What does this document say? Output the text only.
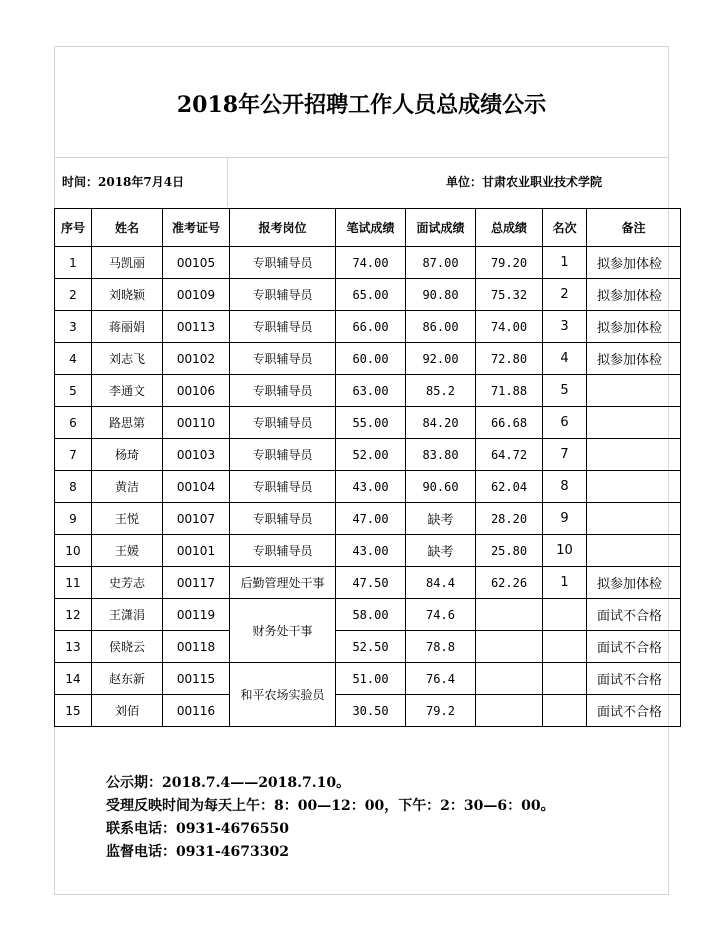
2018年公开招聘工作人员总成绩公示
时间：2018年7月4日	单位：甘肃农业职业技术学院
序号	姓名	准考证号	报考岗位	笔试成绩	面试成绩	总成绩	名次	备注
1	马凯丽	00105	专职辅导员	74.00	87.00	79.20	1	拟参加体检
2	刘晓颖	00109	专职辅导员	65.00	90.80	75.32	2	拟参加体检
3	蒋丽娟	00113	专职辅导员	66.00	86.00	74.00	3	拟参加体检
4	刘志飞	00102	专职辅导员	60.00	92.00	72.80	4	拟参加体检
5	李通文	00106	专职辅导员	63.00	85.2	71.88	5	
6	路思第	00110	专职辅导员	55.00	84.20	66.68	6	
7	杨琦	00103	专职辅导员	52.00	83.80	64.72	7	
8	黄洁	00104	专职辅导员	43.00	90.60	62.04	8	
9	王悦	00107	专职辅导员	47.00	缺考	28.20	9	
10	王媛	00101	专职辅导员	43.00	缺考	25.80	10	
11	史芳志	00117	后勤管理处干事	47.50	84.4	62.26	1	拟参加体检
12	王潇涓	00119	财务处干事	58.00	74.6			面试不合格
13	侯晓云	00118		52.50	78.8			面试不合格
14	赵东新	00115	和平农场实验员	51.00	76.4			面试不合格
15	刘佰	00116		30.50	79.2			面试不合格
公示期：2018.7.4——2018.7.10。
受理反映时间为每天上午：8：00—12：00，下午：2：30—6：00。
联系电话：0931-4676550
监督电话：0931-4673302
